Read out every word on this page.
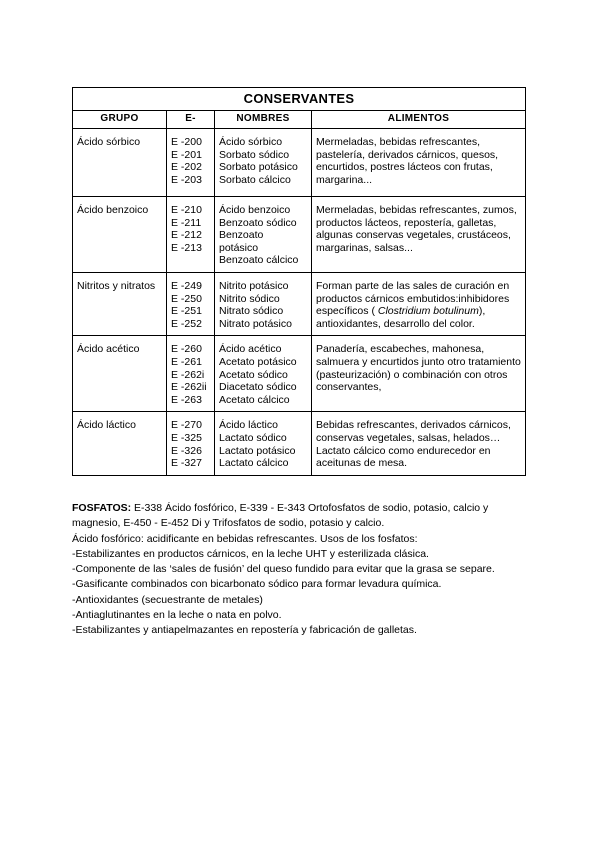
CONSERVANTES			
GRUPO	E-	NOMBRES	ALIMENTOS
Ácido sórbico	E -200
E -201
E -202
E -203	Ácido sórbico
Sorbato sódico
Sorbato potásico
Sorbato cálcico	Mermeladas, bebidas refrescantes, pastelería, derivados cárnicos, quesos, encurtidos, postres lácteos con frutas, margarina...
Ácido benzoico	E -210
E -211
E -212
E -213	Ácido benzoico
Benzoato sódico
Benzoato
potásico
Benzoato cálcico	Mermeladas, bebidas refrescantes, zumos, productos lácteos, repostería, galletas, algunas conservas vegetales, crustáceos, margarinas, salsas...
Nitritos y nitratos	E -249
E -250
E -251
E -252	Nitrito potásico
Nitrito sódico
Nitrato sódico
Nitrato potásico	Forman parte de las sales de curación en productos cárnicos embutidos:inhibidores específicos ( Clostridium botulinum), antioxidantes, desarrollo del color.
Ácido acético	E -260
E -261
E -262i
E -262ii
E -263	Ácido acético
Acetato potásico
Acetato sódico
Diacetato sódico
Acetato cálcico	Panadería, escabeches, mahonesa, salmuera y encurtidos junto otro tratamiento (pasteurización) o combinación con otros conservantes,
Ácido láctico	E -270
E -325
E -326
E -327	Ácido láctico
Lactato sódico
Lactato potásico
Lactato cálcico	Bebidas refrescantes, derivados cárnicos, conservas vegetales, salsas, helados… Lactato cálcico como endurecedor en aceitunas de mesa.

FOSFATOS: E-338 Ácido fosfórico, E-339 - E-343 Ortofosfatos de sodio, potasio, calcio y magnesio, E-450 - E-452 Di y Trifosfatos de sodio, potasio y calcio.

Ácido fosfórico: acidificante en bebidas refrescantes. Usos de los fosfatos:

-Estabilizantes en productos cárnicos, en la leche UHT y esterilizada clásica.

-Componente de las ‘sales de fusión’ del queso fundido para evitar que la grasa se separe.

-Gasificante combinados con bicarbonato sódico para formar levadura química.

-Antioxidantes (secuestrante de metales)

-Antiaglutinantes en la leche o nata en polvo.

-Estabilizantes y antiapelmazantes en repostería y fabricación de galletas.
